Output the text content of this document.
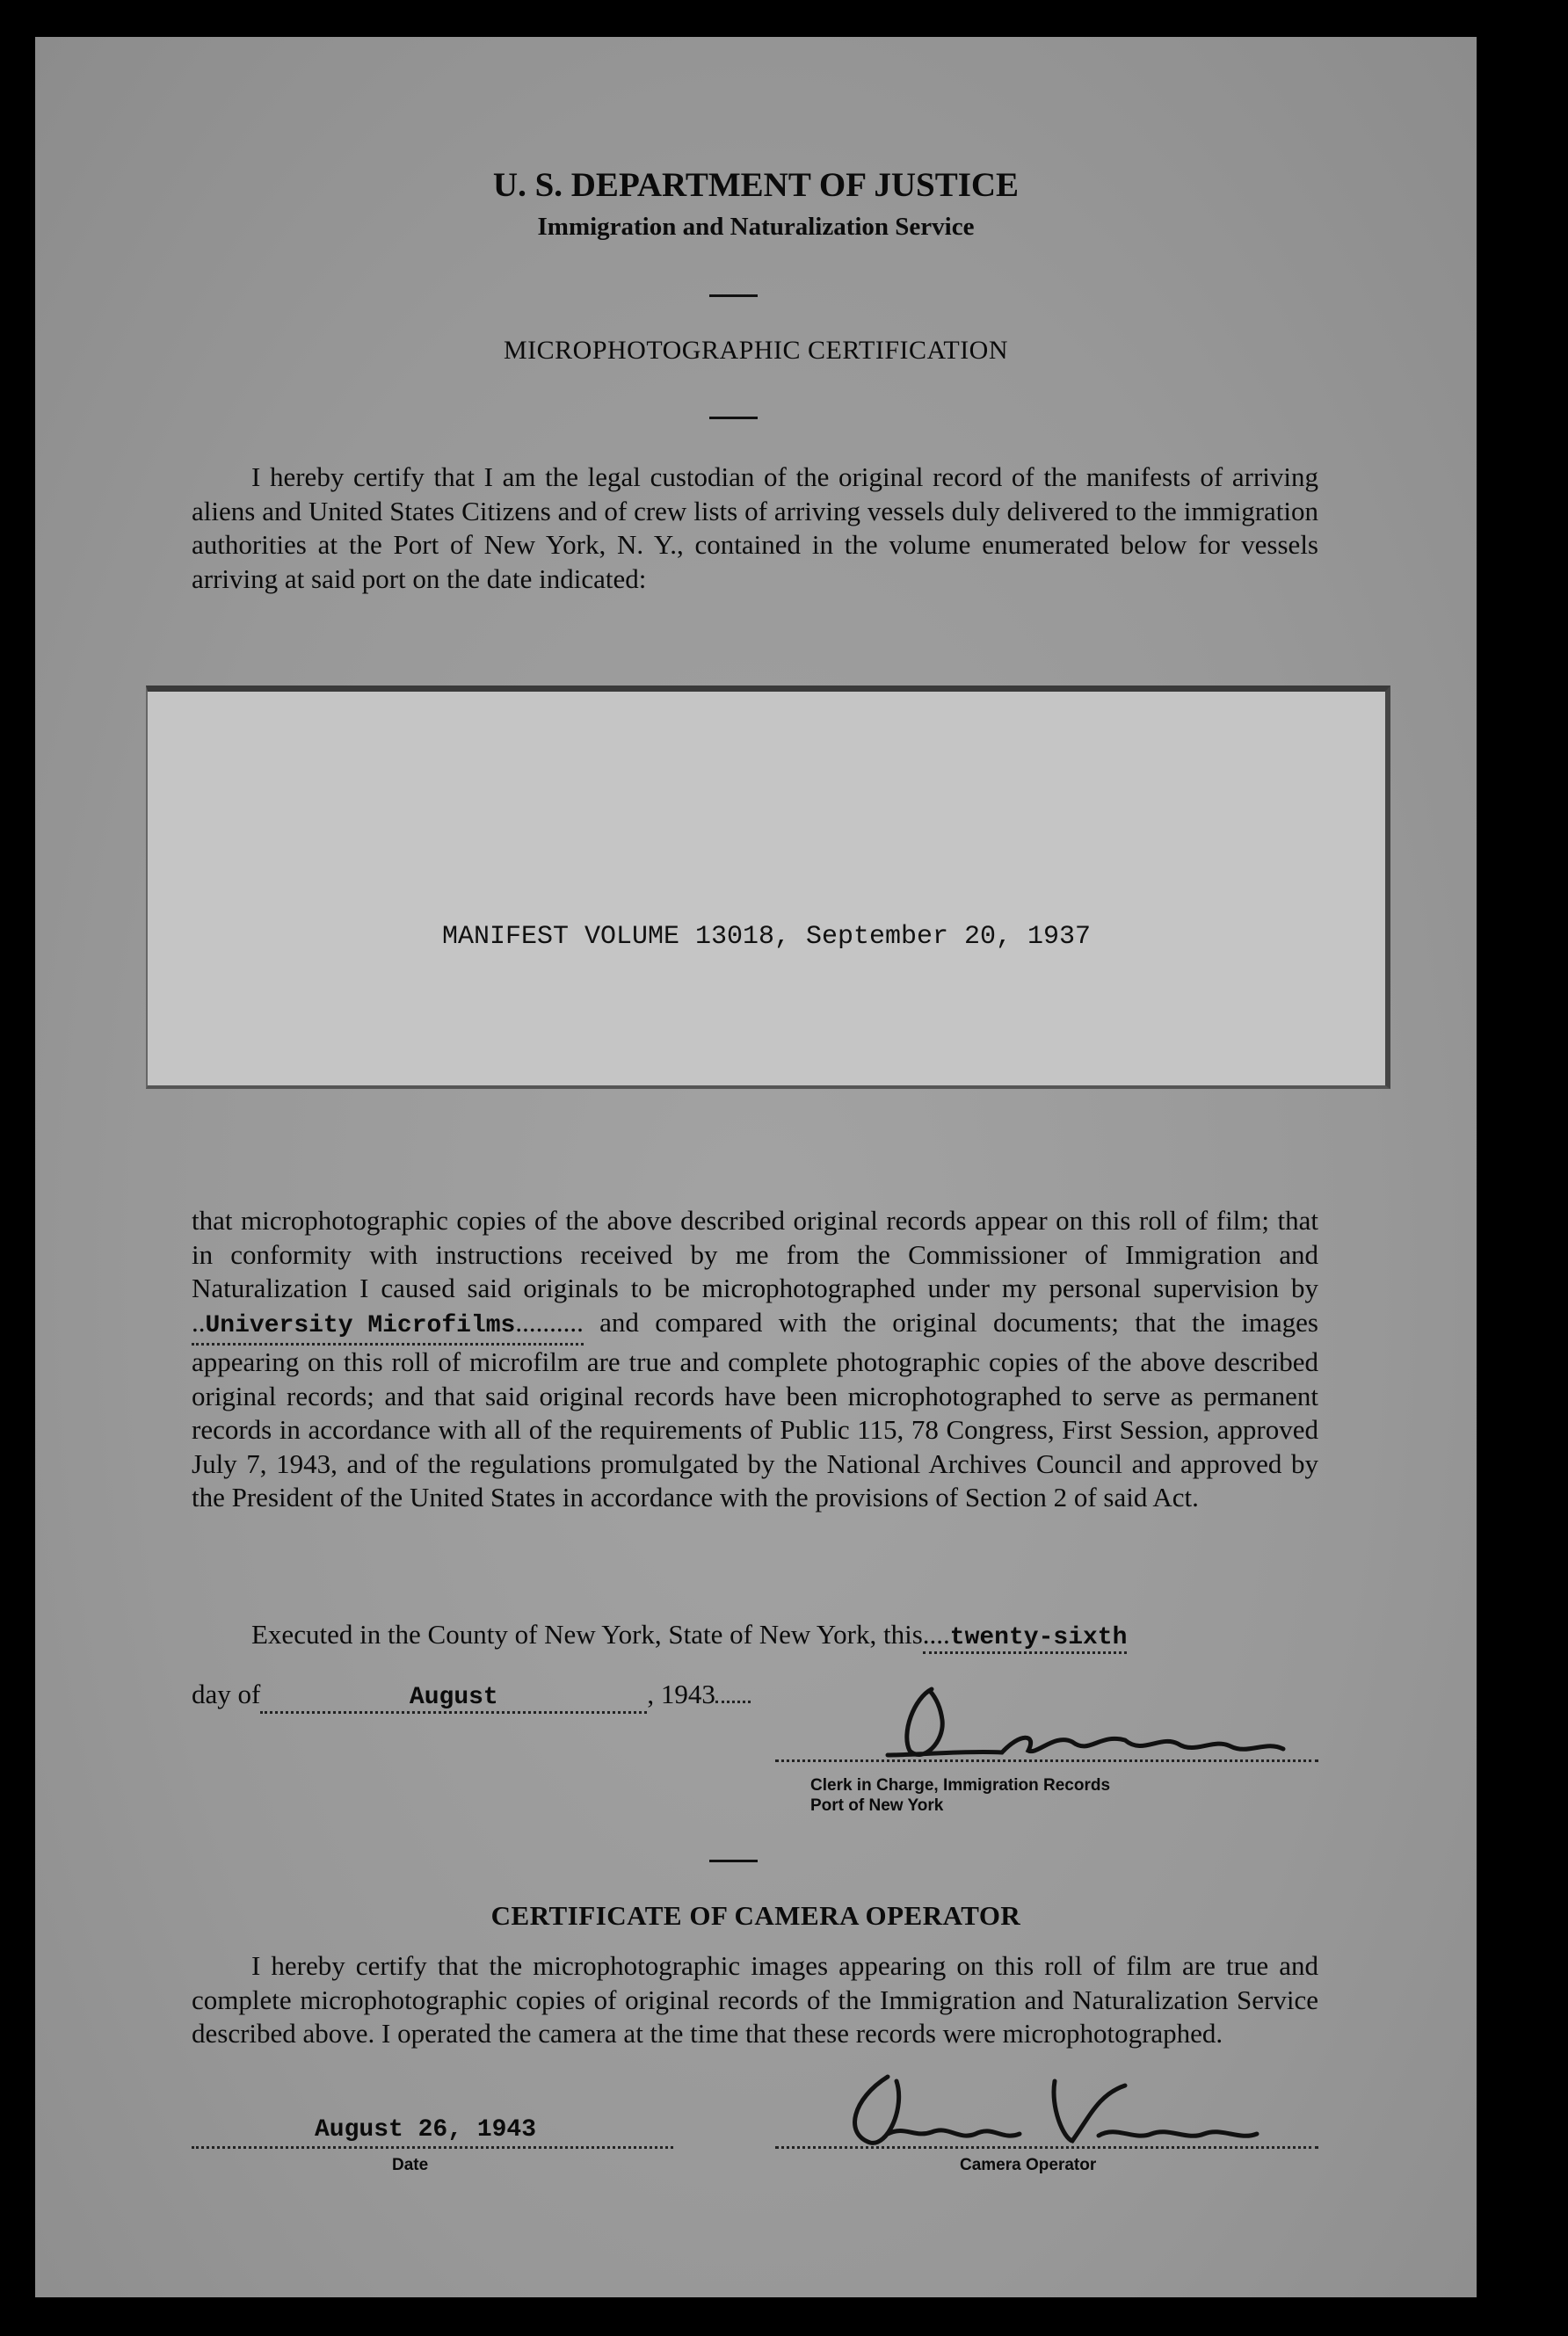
U. S. DEPARTMENT OF JUSTICE
Immigration and Naturalization Service
MICROPHOTOGRAPHIC CERTIFICATION
I hereby certify that I am the legal custodian of the original record of the manifests of arriving aliens and United States Citizens and of crew lists of arriving vessels duly delivered to the immigration authorities at the Port of New York, N. Y., contained in the volume enumerated below for vessels arriving at said port on the date indicated:
MANIFEST VOLUME 13018, September 20, 1937
that microphotographic copies of the above described original records appear on this roll of film; that in conformity with instructions received by me from the Commissioner of Immigration and Naturalization I caused said originals to be microphotographed under my personal supervision by..University Microfilms.......... and compared with the original documents; that the images appearing on this roll of microfilm are true and complete photographic copies of the above described original records; and that said original records have been microphotographed to serve as permanent records in accordance with all of the requirements of Public 115, 78 Congress, First Session, approved July 7, 1943, and of the regulations promulgated by the National Archives Council and approved by the President of the United States in accordance with the provisions of Section 2 of said Act.
Executed in the County of New York, State of New York, this....twenty-sixth
day of	August	, 1943
Clerk in Charge, Immigration Records
Port of New York
CERTIFICATE OF CAMERA OPERATOR
I hereby certify that the microphotographic images appearing on this roll of film are true and complete microphotographic copies of original records of the Immigration and Naturalization Service described above. I operated the camera at the time that these records were microphotographed.
August 26, 1943
Date	Camera Operator
